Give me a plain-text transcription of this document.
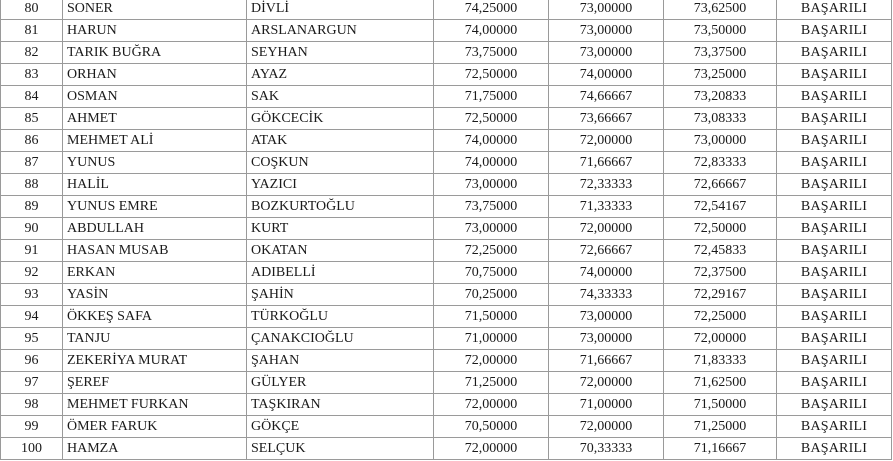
80	SONER	DİVLİ	74,25000	73,00000	73,62500	BAŞARILI
81	HARUN	ARSLANARGUN	74,00000	73,00000	73,50000	BAŞARILI
82	TARIK BUĞRA	SEYHAN	73,75000	73,00000	73,37500	BAŞARILI
83	ORHAN	AYAZ	72,50000	74,00000	73,25000	BAŞARILI
84	OSMAN	SAK	71,75000	74,66667	73,20833	BAŞARILI
85	AHMET	GÖKCECİK	72,50000	73,66667	73,08333	BAŞARILI
86	MEHMET ALİ	ATAK	74,00000	72,00000	73,00000	BAŞARILI
87	YUNUS	COŞKUN	74,00000	71,66667	72,83333	BAŞARILI
88	HALİL	YAZICI	73,00000	72,33333	72,66667	BAŞARILI
89	YUNUS EMRE	BOZKURTOĞLU	73,75000	71,33333	72,54167	BAŞARILI
90	ABDULLAH	KURT	73,00000	72,00000	72,50000	BAŞARILI
91	HASAN MUSAB	OKATAN	72,25000	72,66667	72,45833	BAŞARILI
92	ERKAN	ADIBELLİ	70,75000	74,00000	72,37500	BAŞARILI
93	YASİN	ŞAHİN	70,25000	74,33333	72,29167	BAŞARILI
94	ÖKKEŞ SAFA	TÜRKOĞLU	71,50000	73,00000	72,25000	BAŞARILI
95	TANJU	ÇANAKCIOĞLU	71,00000	73,00000	72,00000	BAŞARILI
96	ZEKERİYA MURAT	ŞAHAN	72,00000	71,66667	71,83333	BAŞARILI
97	ŞEREF	GÜLYER	71,25000	72,00000	71,62500	BAŞARILI
98	MEHMET FURKAN	TAŞKIRAN	72,00000	71,00000	71,50000	BAŞARILI
99	ÖMER FARUK	GÖKÇE	70,50000	72,00000	71,25000	BAŞARILI
100	HAMZA	SELÇUK	72,00000	70,33333	71,16667	BAŞARILI
